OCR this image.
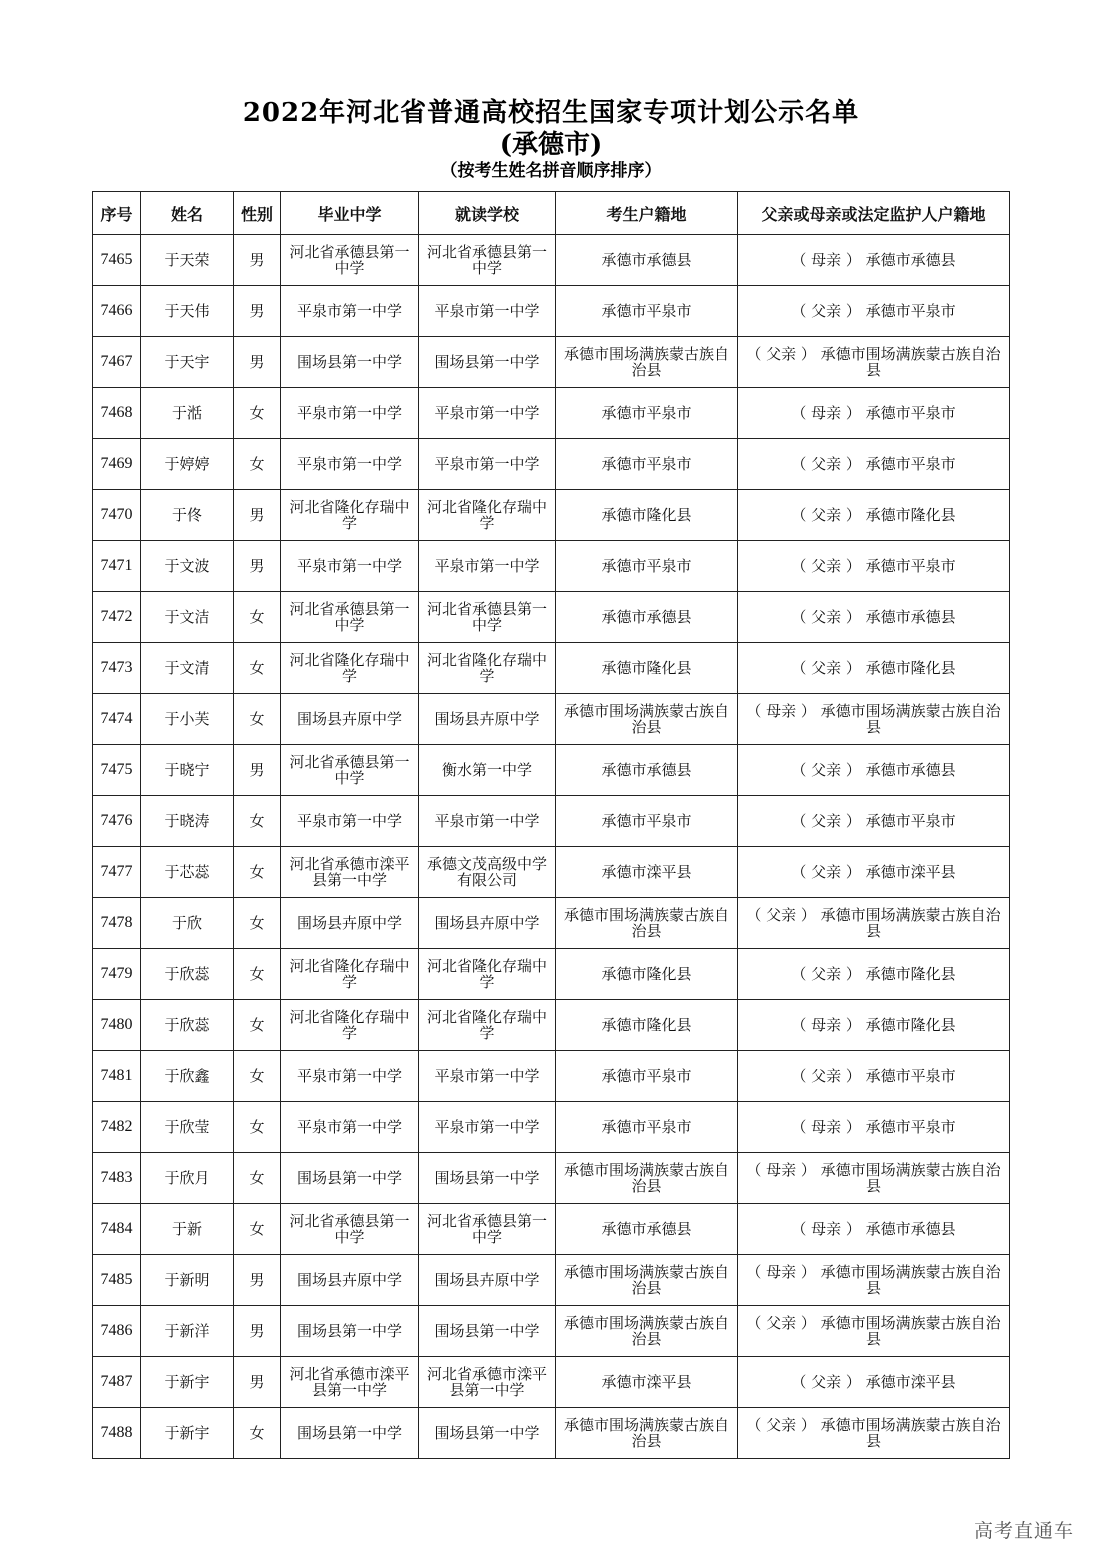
2022年河北省普通高校招生国家专项计划公示名单
(承德市)
（按考生姓名拼音顺序排序）
序号	姓名	性别	毕业中学	就读学校	考生户籍地	父亲或母亲或法定监护人户籍地
7465	于天荣	男	河北省承德县第一中学	河北省承德县第一中学	承德市承德县	（ 母亲 ） 承德市承德县
7466	于天伟	男	平泉市第一中学	平泉市第一中学	承德市平泉市	（ 父亲 ） 承德市平泉市
7467	于天宇	男	围场县第一中学	围场县第一中学	承德市围场满族蒙古族自治县	（ 父亲 ） 承德市围场满族蒙古族自治县
7468	于湉	女	平泉市第一中学	平泉市第一中学	承德市平泉市	（ 母亲 ） 承德市平泉市
7469	于婷婷	女	平泉市第一中学	平泉市第一中学	承德市平泉市	（ 父亲 ） 承德市平泉市
7470	于佟	男	河北省隆化存瑞中学	河北省隆化存瑞中学	承德市隆化县	（ 父亲 ） 承德市隆化县
7471	于文波	男	平泉市第一中学	平泉市第一中学	承德市平泉市	（ 父亲 ） 承德市平泉市
7472	于文洁	女	河北省承德县第一中学	河北省承德县第一中学	承德市承德县	（ 父亲 ） 承德市承德县
7473	于文清	女	河北省隆化存瑞中学	河北省隆化存瑞中学	承德市隆化县	（ 父亲 ） 承德市隆化县
7474	于小芙	女	围场县卉原中学	围场县卉原中学	承德市围场满族蒙古族自治县	（ 母亲 ） 承德市围场满族蒙古族自治县
7475	于晓宁	男	河北省承德县第一中学	衡水第一中学	承德市承德县	（ 父亲 ） 承德市承德县
7476	于晓涛	女	平泉市第一中学	平泉市第一中学	承德市平泉市	（ 父亲 ） 承德市平泉市
7477	于芯蕊	女	河北省承德市滦平县第一中学	承德文茂高级中学有限公司	承德市滦平县	（ 父亲 ） 承德市滦平县
7478	于欣	女	围场县卉原中学	围场县卉原中学	承德市围场满族蒙古族自治县	（ 父亲 ） 承德市围场满族蒙古族自治县
7479	于欣蕊	女	河北省隆化存瑞中学	河北省隆化存瑞中学	承德市隆化县	（ 父亲 ） 承德市隆化县
7480	于欣蕊	女	河北省隆化存瑞中学	河北省隆化存瑞中学	承德市隆化县	（ 母亲 ） 承德市隆化县
7481	于欣鑫	女	平泉市第一中学	平泉市第一中学	承德市平泉市	（ 父亲 ） 承德市平泉市
7482	于欣莹	女	平泉市第一中学	平泉市第一中学	承德市平泉市	（ 母亲 ） 承德市平泉市
7483	于欣月	女	围场县第一中学	围场县第一中学	承德市围场满族蒙古族自治县	（ 母亲 ） 承德市围场满族蒙古族自治县
7484	于新	女	河北省承德县第一中学	河北省承德县第一中学	承德市承德县	（ 母亲 ） 承德市承德县
7485	于新明	男	围场县卉原中学	围场县卉原中学	承德市围场满族蒙古族自治县	（ 母亲 ） 承德市围场满族蒙古族自治县
7486	于新洋	男	围场县第一中学	围场县第一中学	承德市围场满族蒙古族自治县	（ 父亲 ） 承德市围场满族蒙古族自治县
7487	于新宇	男	河北省承德市滦平县第一中学	河北省承德市滦平县第一中学	承德市滦平县	（ 父亲 ） 承德市滦平县
7488	于新宇	女	围场县第一中学	围场县第一中学	承德市围场满族蒙古族自治县	（ 父亲 ） 承德市围场满族蒙古族自治县
高考直通车
